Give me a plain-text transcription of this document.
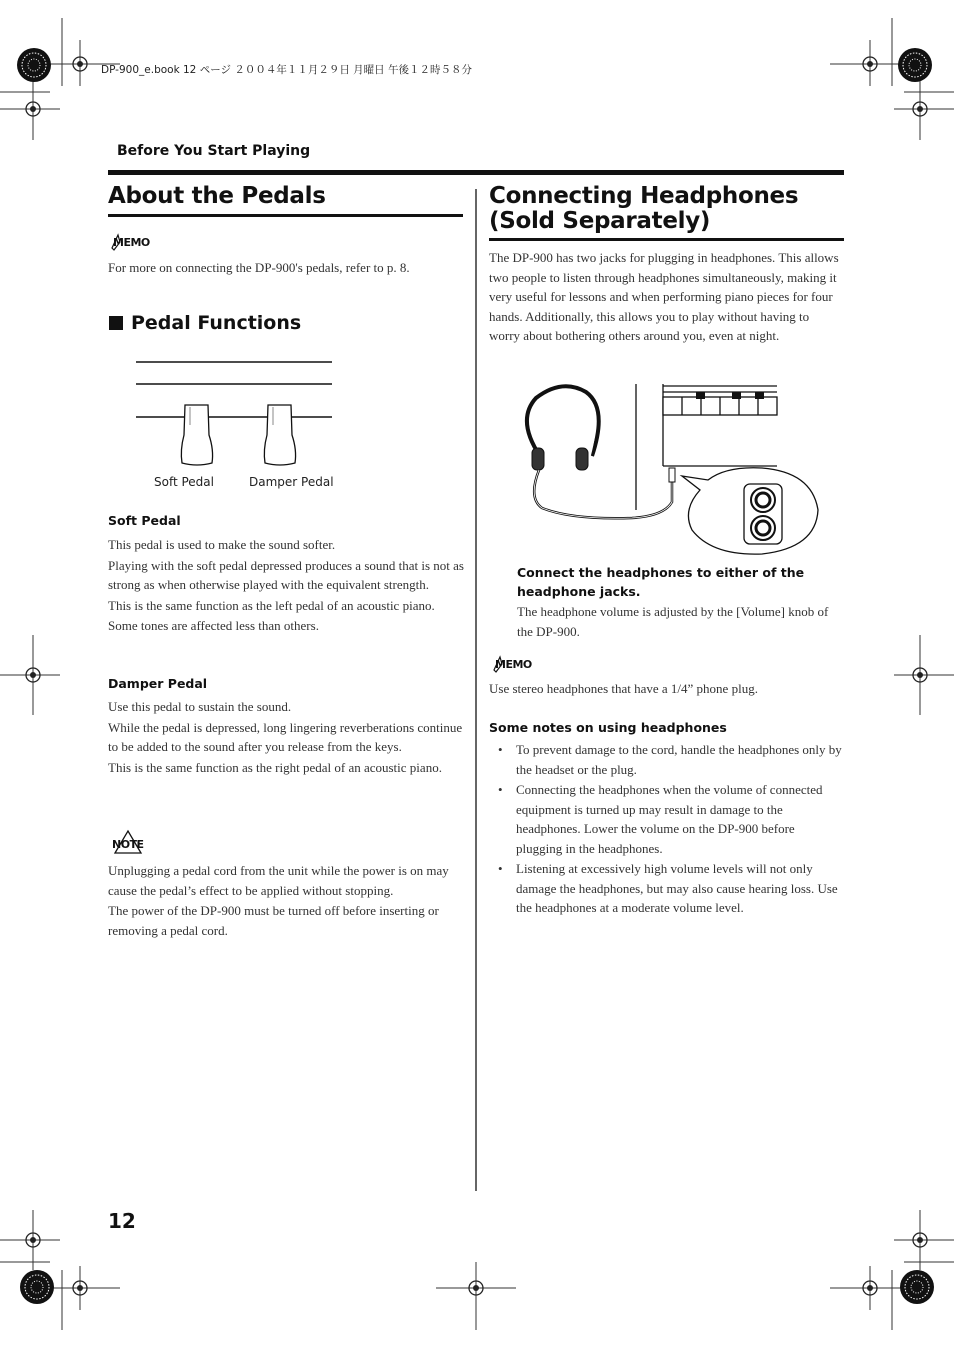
DP-900_e.book 12 ページ ２００４年１１月２９日 月曜日 午後１２時５８分
Before You Start Playing
About the Pedals
MEMO
For more on connecting the DP-900's pedals, refer to p. 8.
Pedal Functions
Soft Pedal	Damper Pedal
Soft Pedal
This pedal is used to make the sound softer.
Playing with the soft pedal depressed produces a sound that is not as strong as when otherwise played with the equivalent strength.
This is the same function as the left pedal of an acoustic piano.
Some tones are affected less than others.
Damper Pedal
Use this pedal to sustain the sound.
While the pedal is depressed, long lingering reverberations continue to be added to the sound after you release from the keys.
This is the same function as the right pedal of an acoustic piano.
NOTE
Unplugging a pedal cord from the unit while the power is on may cause the pedal’s effect to be applied without stopping.
The power of the DP-900 must be turned off before inserting or removing a pedal cord.
Connecting Headphones
(Sold Separately)
The DP-900 has two jacks for plugging in headphones. This allows two people to listen through headphones simultaneously, making it very useful for lessons and when performing piano pieces for four hands. Additionally, this allows you to play without having to worry about bothering others around you, even at night.
Connect the headphones to either of the headphone jacks.
The headphone volume is adjusted by the [Volume] knob of the DP-900.
MEMO
Use stereo headphones that have a 1/4” phone plug.
Some notes on using headphones
• To prevent damage to the cord, handle the headphones only by the headset or the plug.
• Connecting the headphones when the volume of connected equipment is turned up may result in damage to the headphones. Lower the volume on the DP-900 before plugging in the headphones.
• Listening at excessively high volume levels will not only damage the headphones, but may also cause hearing loss. Use the headphones at a moderate volume level.
12
